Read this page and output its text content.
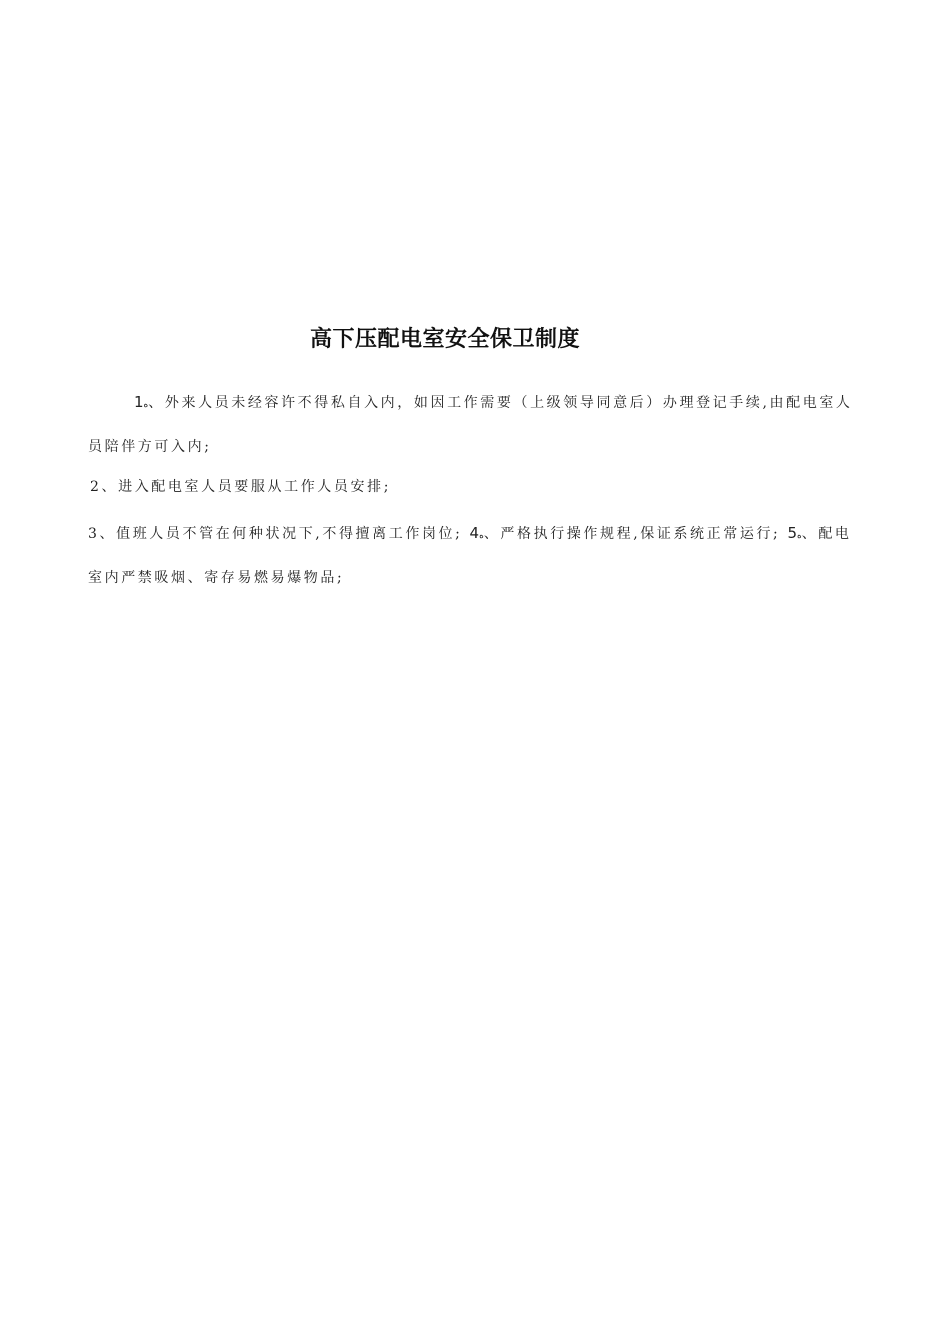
高下压配电室安全保卫制度
1ه、外来人员未经容许不得私自入内，如因工作需要（上级领导同意后）办理登记手续,由配电室人
员陪伴方可入内;
2、进入配电室人员要服从工作人员安排;
3、值班人员不管在何种状况下,不得擅离工作岗位; 4ه、严格执行操作规程,保证系统正常运行; 5ه、配电
室内严禁吸烟、寄存易燃易爆物品;
